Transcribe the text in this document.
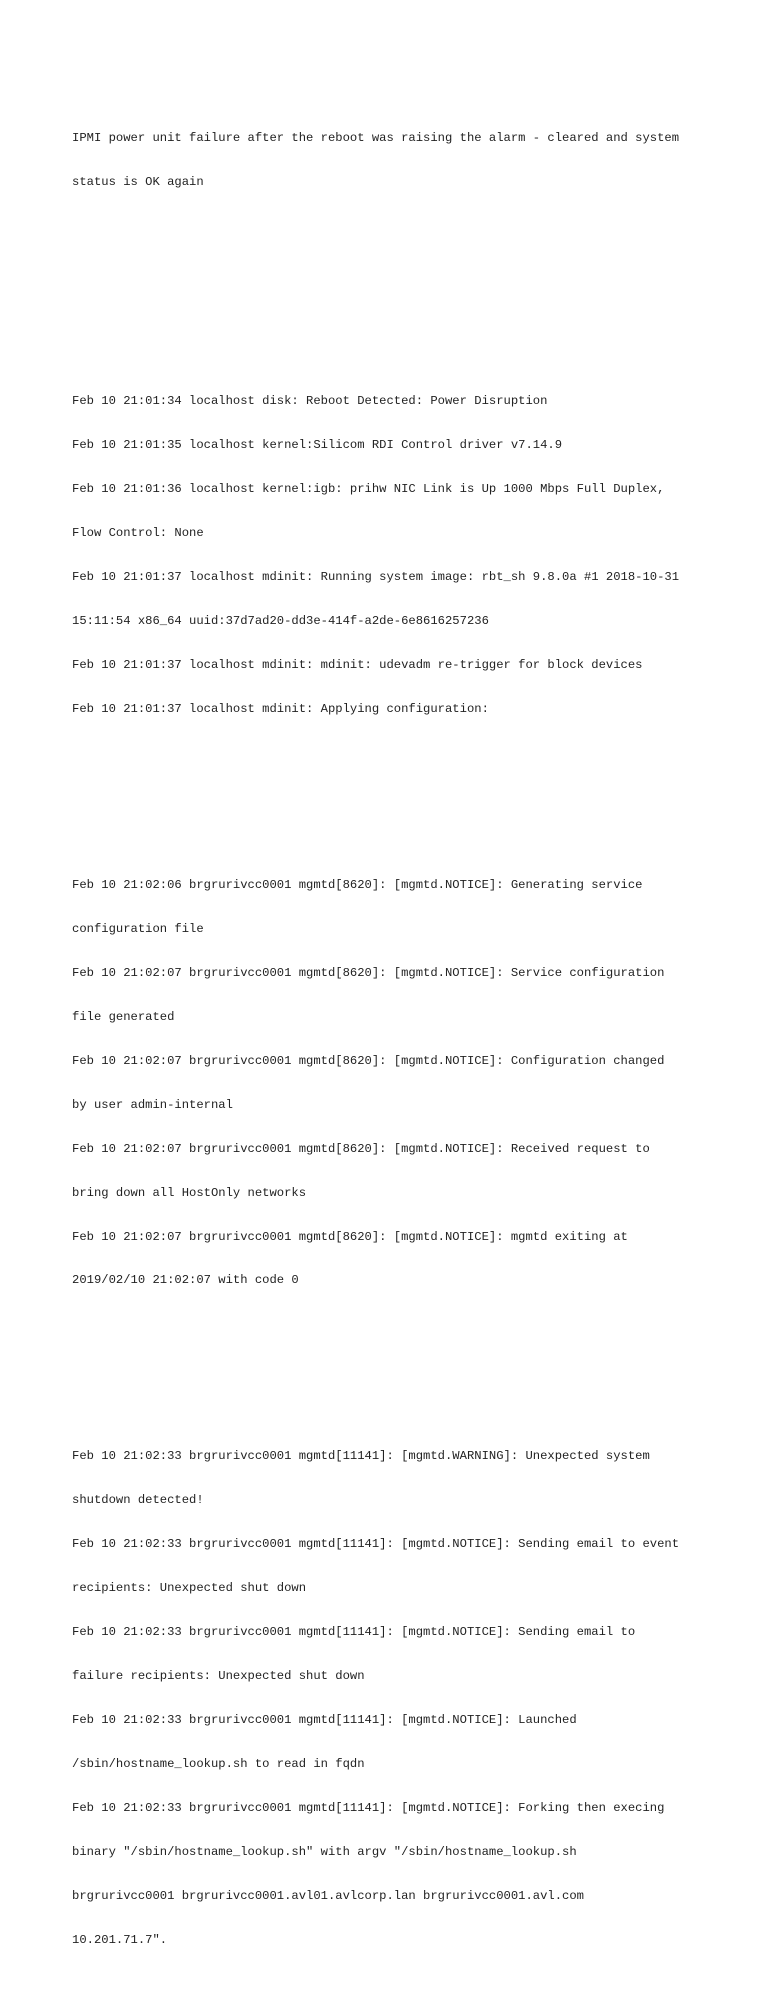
IPMI power unit failure after the reboot was raising the alarm - cleared and system

status is OK again

Feb 10 21:01:34 localhost disk: Reboot Detected: Power Disruption

Feb 10 21:01:35 localhost kernel:Silicom RDI Control driver v7.14.9

Feb 10 21:01:36 localhost kernel:igb: prihw NIC Link is Up 1000 Mbps Full Duplex,

Flow Control: None

Feb 10 21:01:37 localhost mdinit: Running system image: rbt_sh 9.8.0a #1 2018-10-31

15:11:54 x86_64 uuid:37d7ad20-dd3e-414f-a2de-6e8616257236

Feb 10 21:01:37 localhost mdinit: mdinit: udevadm re-trigger for block devices

Feb 10 21:01:37 localhost mdinit: Applying configuration:

Feb 10 21:02:06 brgrurivcc0001 mgmtd[8620]: [mgmtd.NOTICE]: Generating service

configuration file

Feb 10 21:02:07 brgrurivcc0001 mgmtd[8620]: [mgmtd.NOTICE]: Service configuration

file generated

Feb 10 21:02:07 brgrurivcc0001 mgmtd[8620]: [mgmtd.NOTICE]: Configuration changed

by user admin-internal

Feb 10 21:02:07 brgrurivcc0001 mgmtd[8620]: [mgmtd.NOTICE]: Received request to

bring down all HostOnly networks

Feb 10 21:02:07 brgrurivcc0001 mgmtd[8620]: [mgmtd.NOTICE]: mgmtd exiting at

2019/02/10 21:02:07 with code 0

Feb 10 21:02:33 brgrurivcc0001 mgmtd[11141]: [mgmtd.WARNING]: Unexpected system

shutdown detected!

Feb 10 21:02:33 brgrurivcc0001 mgmtd[11141]: [mgmtd.NOTICE]: Sending email to event

recipients: Unexpected shut down

Feb 10 21:02:33 brgrurivcc0001 mgmtd[11141]: [mgmtd.NOTICE]: Sending email to

failure recipients: Unexpected shut down

Feb 10 21:02:33 brgrurivcc0001 mgmtd[11141]: [mgmtd.NOTICE]: Launched

/sbin/hostname_lookup.sh to read in fqdn

Feb 10 21:02:33 brgrurivcc0001 mgmtd[11141]: [mgmtd.NOTICE]: Forking then execing

binary "/sbin/hostname_lookup.sh" with argv "/sbin/hostname_lookup.sh

brgrurivcc0001 brgrurivcc0001.avl01.avlcorp.lan brgrurivcc0001.avl.com

10.201.71.7".
